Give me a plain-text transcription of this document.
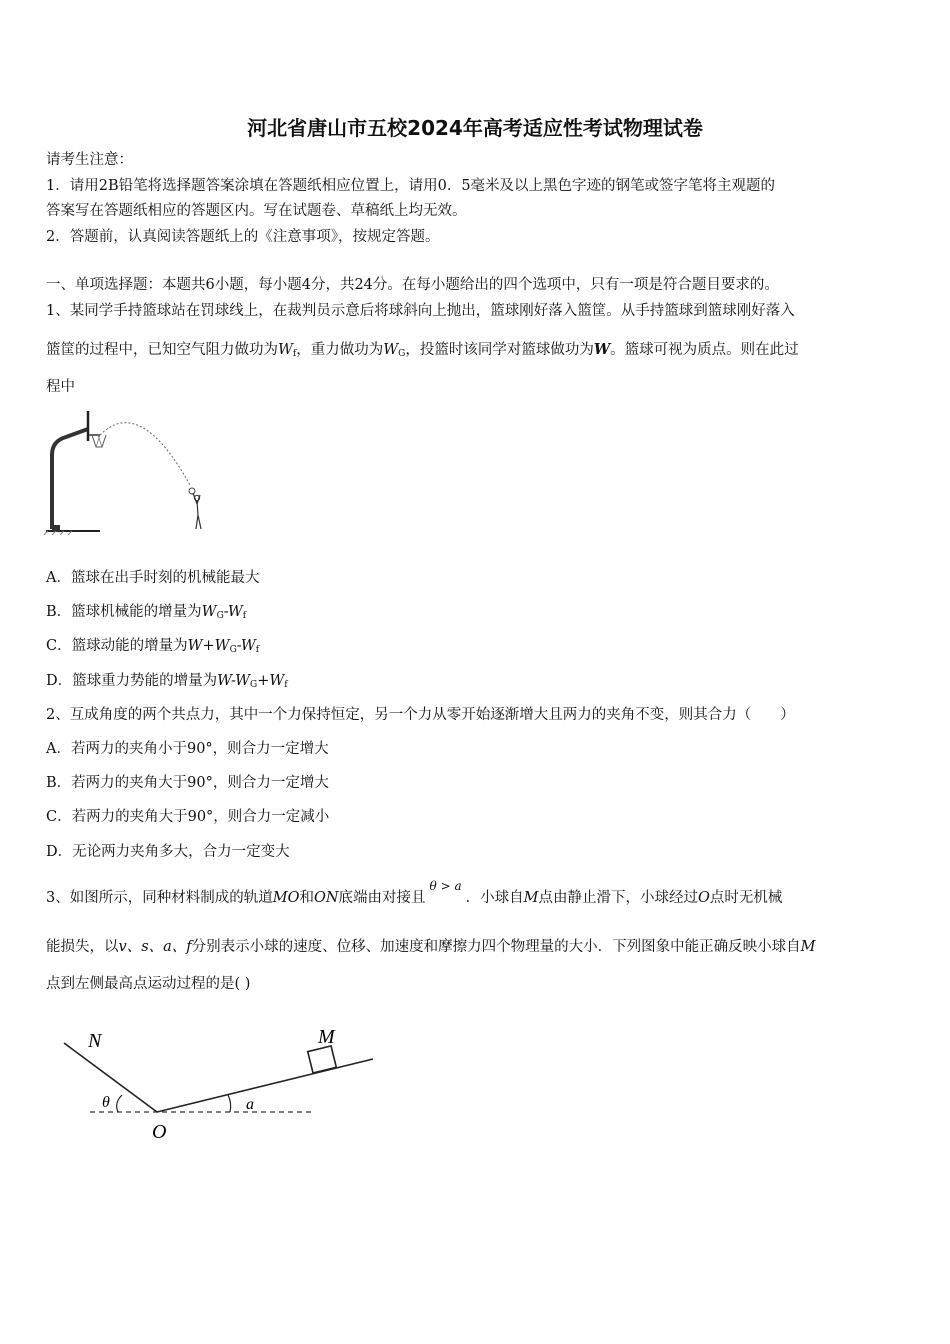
河北省唐山市五校2024年高考适应性考试物理试卷
请考生注意：
1．请用2B铅笔将选择题答案涂填在答题纸相应位置上，请用0．5毫米及以上黑色字迹的钢笔或签字笔将主观题的
答案写在答题纸相应的答题区内。写在试题卷、草稿纸上均无效。
2．答题前，认真阅读答题纸上的《注意事项》，按规定答题。
一、单项选择题：本题共6小题，每小题4分，共24分。在每小题给出的四个选项中，只有一项是符合题目要求的。
1、某同学手持篮球站在罚球线上，在裁判员示意后将球斜向上抛出，篮球刚好落入篮筐。从手持篮球到篮球刚好落入
篮筐的过程中，已知空气阻力做功为$W_f$，重力做功为$W_G$，投篮时该同学对篮球做功为W。篮球可视为质点。则在此过
程中
A．篮球在出手时刻的机械能最大
B．篮球机械能的增量为$W_G-W_f$
C．篮球动能的增量为$W+W_G-W_f$
D．篮球重力势能的增量为$W-W_G+W_f$
2、互成角度的两个共点力，其中一个力保持恒定，另一个力从零开始逐渐增大且两力的夹角不变，则其合力（　　）
A．若两力的夹角小于90°，则合力一定增大
B．若两力的夹角大于90°，则合力一定增大
C．若两力的夹角大于90°，则合力一定减小
D．无论两力夹角多大，合力一定变大
3、如图所示，同种材料制成的轨道MO和ON底端由对接且$^{\theta > a}$．小球自M点由静止滑下，小球经过O点时无机械
能损失，以v、s、a、f分别表示小球的速度、位移、加速度和摩擦力四个物理量的大小．下列图象中能正确反映小球自M
点到左侧最高点运动过程的是( )
N	M
O
θ	a
